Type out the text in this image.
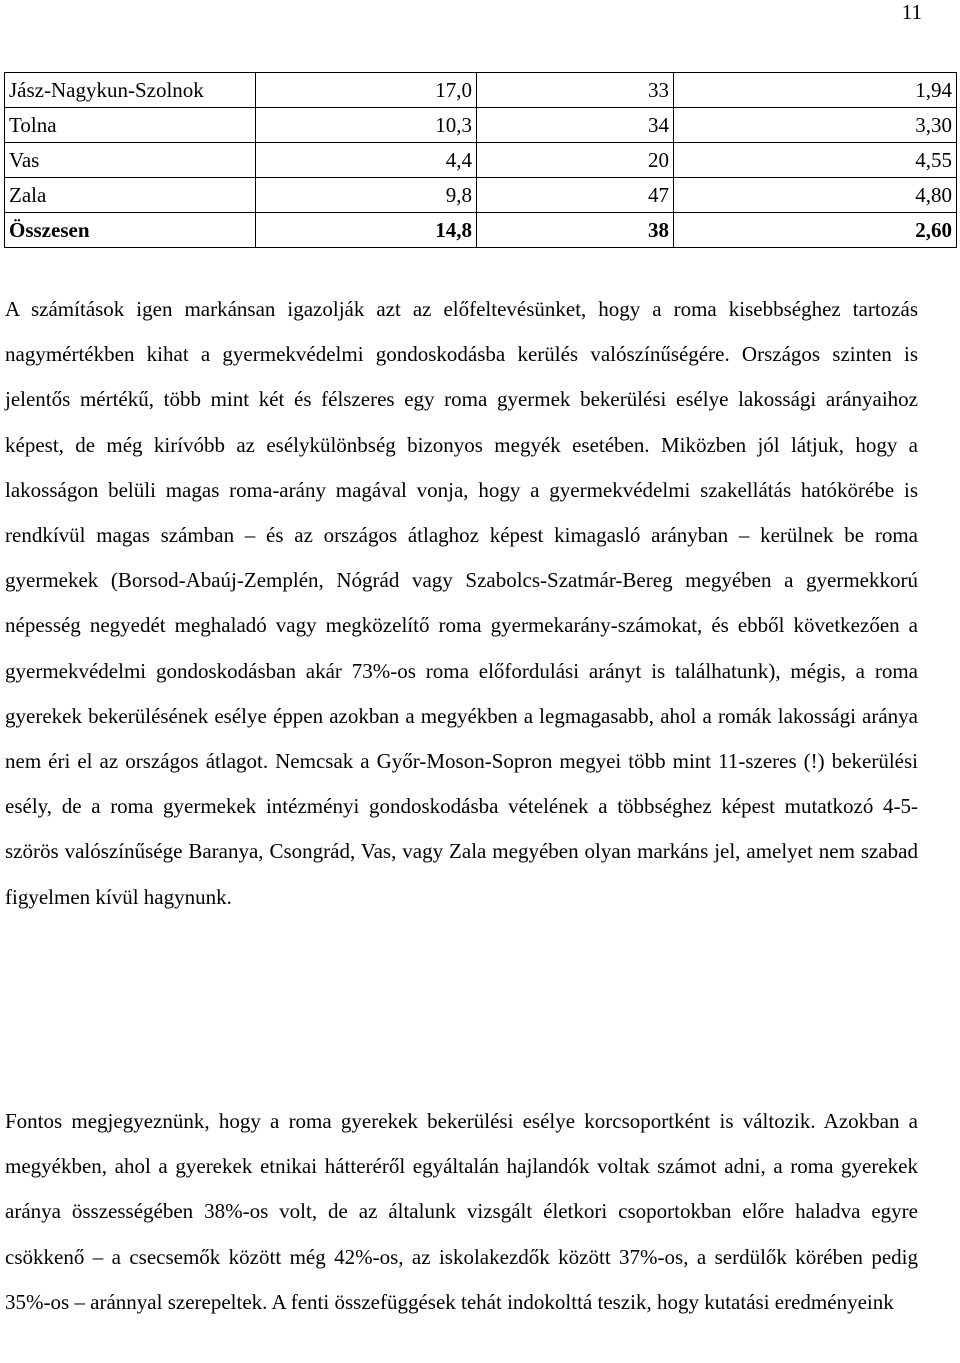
11
Jász-Nagykun-Szolnok	17,0	33	1,94
Tolna	10,3	34	3,30
Vas	4,4	20	4,55
Zala	9,8	47	4,80
Összesen	14,8	38	2,60

A számítások igen markánsan igazolják azt az előfeltevésünket, hogy a roma kisebbséghez tartozás nagymértékben kihat a gyermekvédelmi gondoskodásba kerülés valószínűségére. Országos szinten is jelentős mértékű, több mint két és félszeres egy roma gyermek bekerülési esélye lakossági arányaihoz képest, de még kirívóbb az esélykülönbség bizonyos megyék esetében. Miközben jól látjuk, hogy a lakosságon belüli magas roma-arány magával vonja, hogy a gyermekvédelmi szakellátás hatókörébe is rendkívül magas számban – és az országos átlaghoz képest kimagasló arányban – kerülnek be roma gyermekek (Borsod-Abaúj-Zemplén, Nógrád vagy Szabolcs-Szatmár-Bereg megyében a gyermekkorú népesség negyedét meghaladó vagy megközelítő roma gyermekarány-számokat, és ebből következően a gyermekvédelmi gondoskodásban akár 73%-os roma előfordulási arányt is találhatunk), mégis, a roma gyerekek bekerülésének esélye éppen azokban a megyékben a legmagasabb, ahol a romák lakossági aránya nem éri el az országos átlagot. Nemcsak a Győr-Moson-Sopron megyei több mint 11-szeres (!) bekerülési esély, de a roma gyermekek intézményi gondoskodásba vételének a többséghez képest mutatkozó 4-5-szörös valószínűsége Baranya, Csongrád, Vas, vagy Zala megyében olyan markáns jel, amelyet nem szabad figyelmen kívül hagynunk.

Fontos megjegyeznünk, hogy a roma gyerekek bekerülési esélye korcsoportként is változik. Azokban a megyékben, ahol a gyerekek etnikai hátteréről egyáltalán hajlandók voltak számot adni, a roma gyerekek aránya összességében 38%-os volt, de az általunk vizsgált életkori csoportokban előre haladva egyre csökkenő – a csecsemők között még 42%-os, az iskolakezdők között 37%-os, a serdülők körében pedig 35%-os – aránnyal szerepeltek. A fenti összefüggések tehát indokolttá teszik, hogy kutatási eredményeink
